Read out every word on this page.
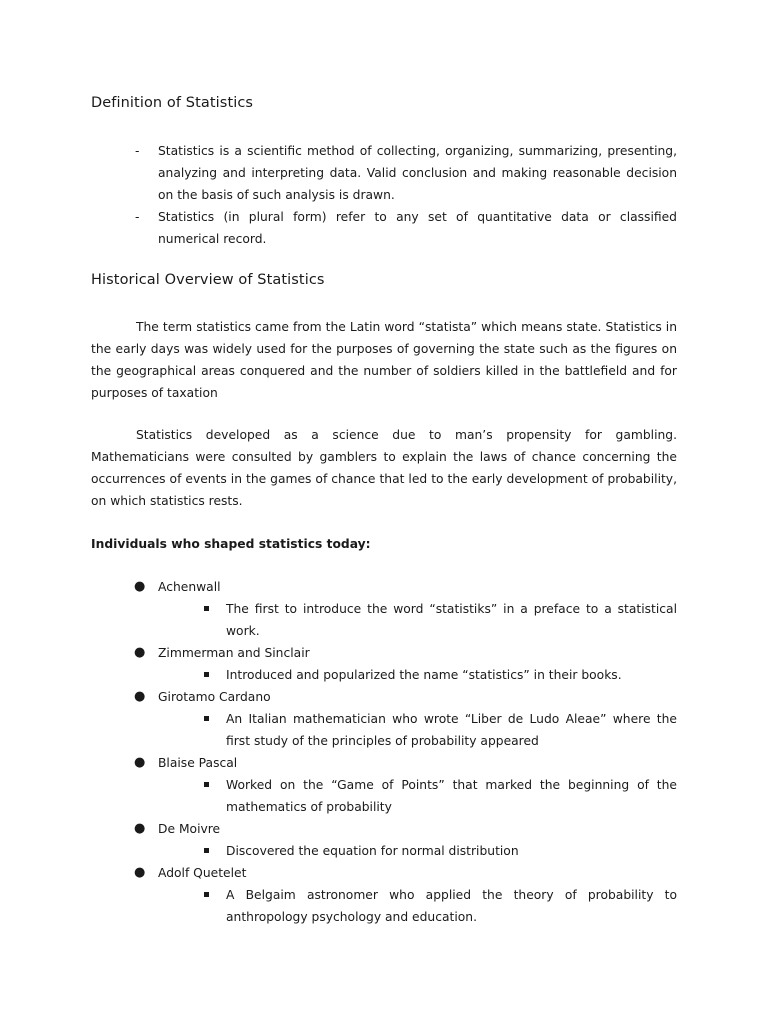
Definition of Statistics
- Statistics is a scientific method of collecting, organizing, summarizing, presenting, analyzing and interpreting data. Valid conclusion and making reasonable decision on the basis of such analysis is drawn.
- Statistics (in plural form) refer to any set of quantitative data or classified numerical record.
Historical Overview of Statistics

The term statistics came from the Latin word “statista” which means state. Statistics in the early days was widely used for the purposes of governing the state such as the figures on the geographical areas conquered and the number of soldiers killed in the battlefield and for purposes of taxation

Statistics developed as a science due to man’s propensity for gambling. Mathematicians were consulted by gamblers to explain the laws of chance concerning the occurrences of events in the games of chance that led to the early development of probability, on which statistics rests.

Individuals who shaped statistics today:

● Achenwall
The first to introduce the word “statistiks” in a preface to a statistical work.
● Zimmerman and Sinclair
Introduced and popularized the name “statistics” in their books.
● Girotamo Cardano
An Italian mathematician who wrote “Liber de Ludo Aleae” where the first study of the principles of probability appeared
● Blaise Pascal
Worked on the “Game of Points” that marked the beginning of the mathematics of probability
● De Moivre
Discovered the equation for normal distribution
● Adolf Quetelet
A Belgaim astronomer who applied the theory of probability to anthropology psychology and education.
